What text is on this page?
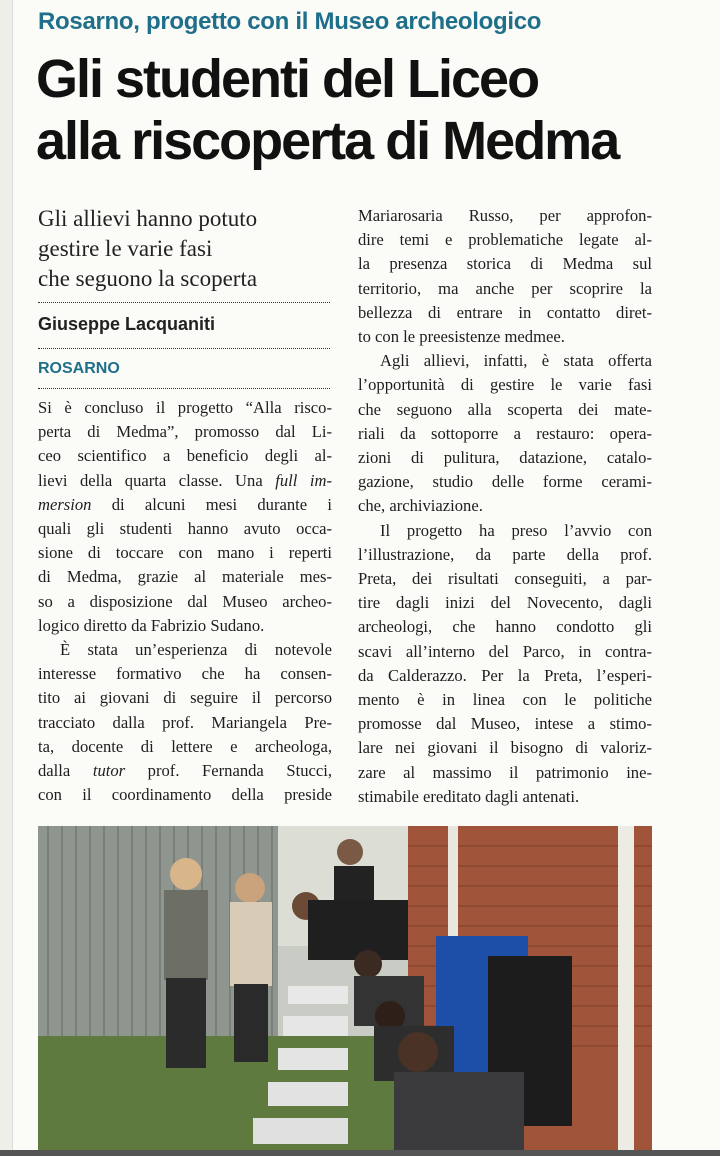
Rosarno, progetto con il Museo archeologico
Gli studenti del Liceo
alla riscoperta di Medma
Gli allievi hanno potuto
gestire le varie fasi
che seguono la scoperta
Giuseppe Lacquaniti
ROSARNO
Si è concluso il progetto “Alla risco-
perta di Medma”, promosso dal Li-
ceo scientifico a beneficio degli al-
lievi della quarta classe. Una full im-
mersion di alcuni mesi durante i
quali gli studenti hanno avuto occa-
sione di toccare con mano i reperti
di Medma, grazie al materiale mes-
so a disposizione dal Museo archeo-
logico diretto da Fabrizio Sudano.
È stata un’esperienza di notevole
interesse formativo che ha consen-
tito ai giovani di seguire il percorso
tracciato dalla prof. Mariangela Pre-
ta, docente di lettere e archeologa,
dalla tutor prof. Fernanda Stucci,
con il coordinamento della preside
Mariarosaria Russo, per approfon-
dire temi e problematiche legate al-
la presenza storica di Medma sul
territorio, ma anche per scoprire la
bellezza di entrare in contatto diret-
to con le preesistenze medmee.
Agli allievi, infatti, è stata offerta
l’opportunità di gestire le varie fasi
che seguono alla scoperta dei mate-
riali da sottoporre a restauro: opera-
zioni di pulitura, datazione, catalo-
gazione, studio delle forme cerami-
che, archiviazione.
Il progetto ha preso l’avvio con
l’illustrazione, da parte della prof.
Preta, dei risultati conseguiti, a par-
tire dagli inizi del Novecento, dagli
archeologi, che hanno condotto gli
scavi all’interno del Parco, in contra-
da Calderazzo. Per la Preta, l’esperi-
mento è in linea con le politiche
promosse dal Museo, intese a stimo-
lare nei giovani il bisogno di valoriz-
zare al massimo il patrimonio ine-
stimabile ereditato dagli antenati.
